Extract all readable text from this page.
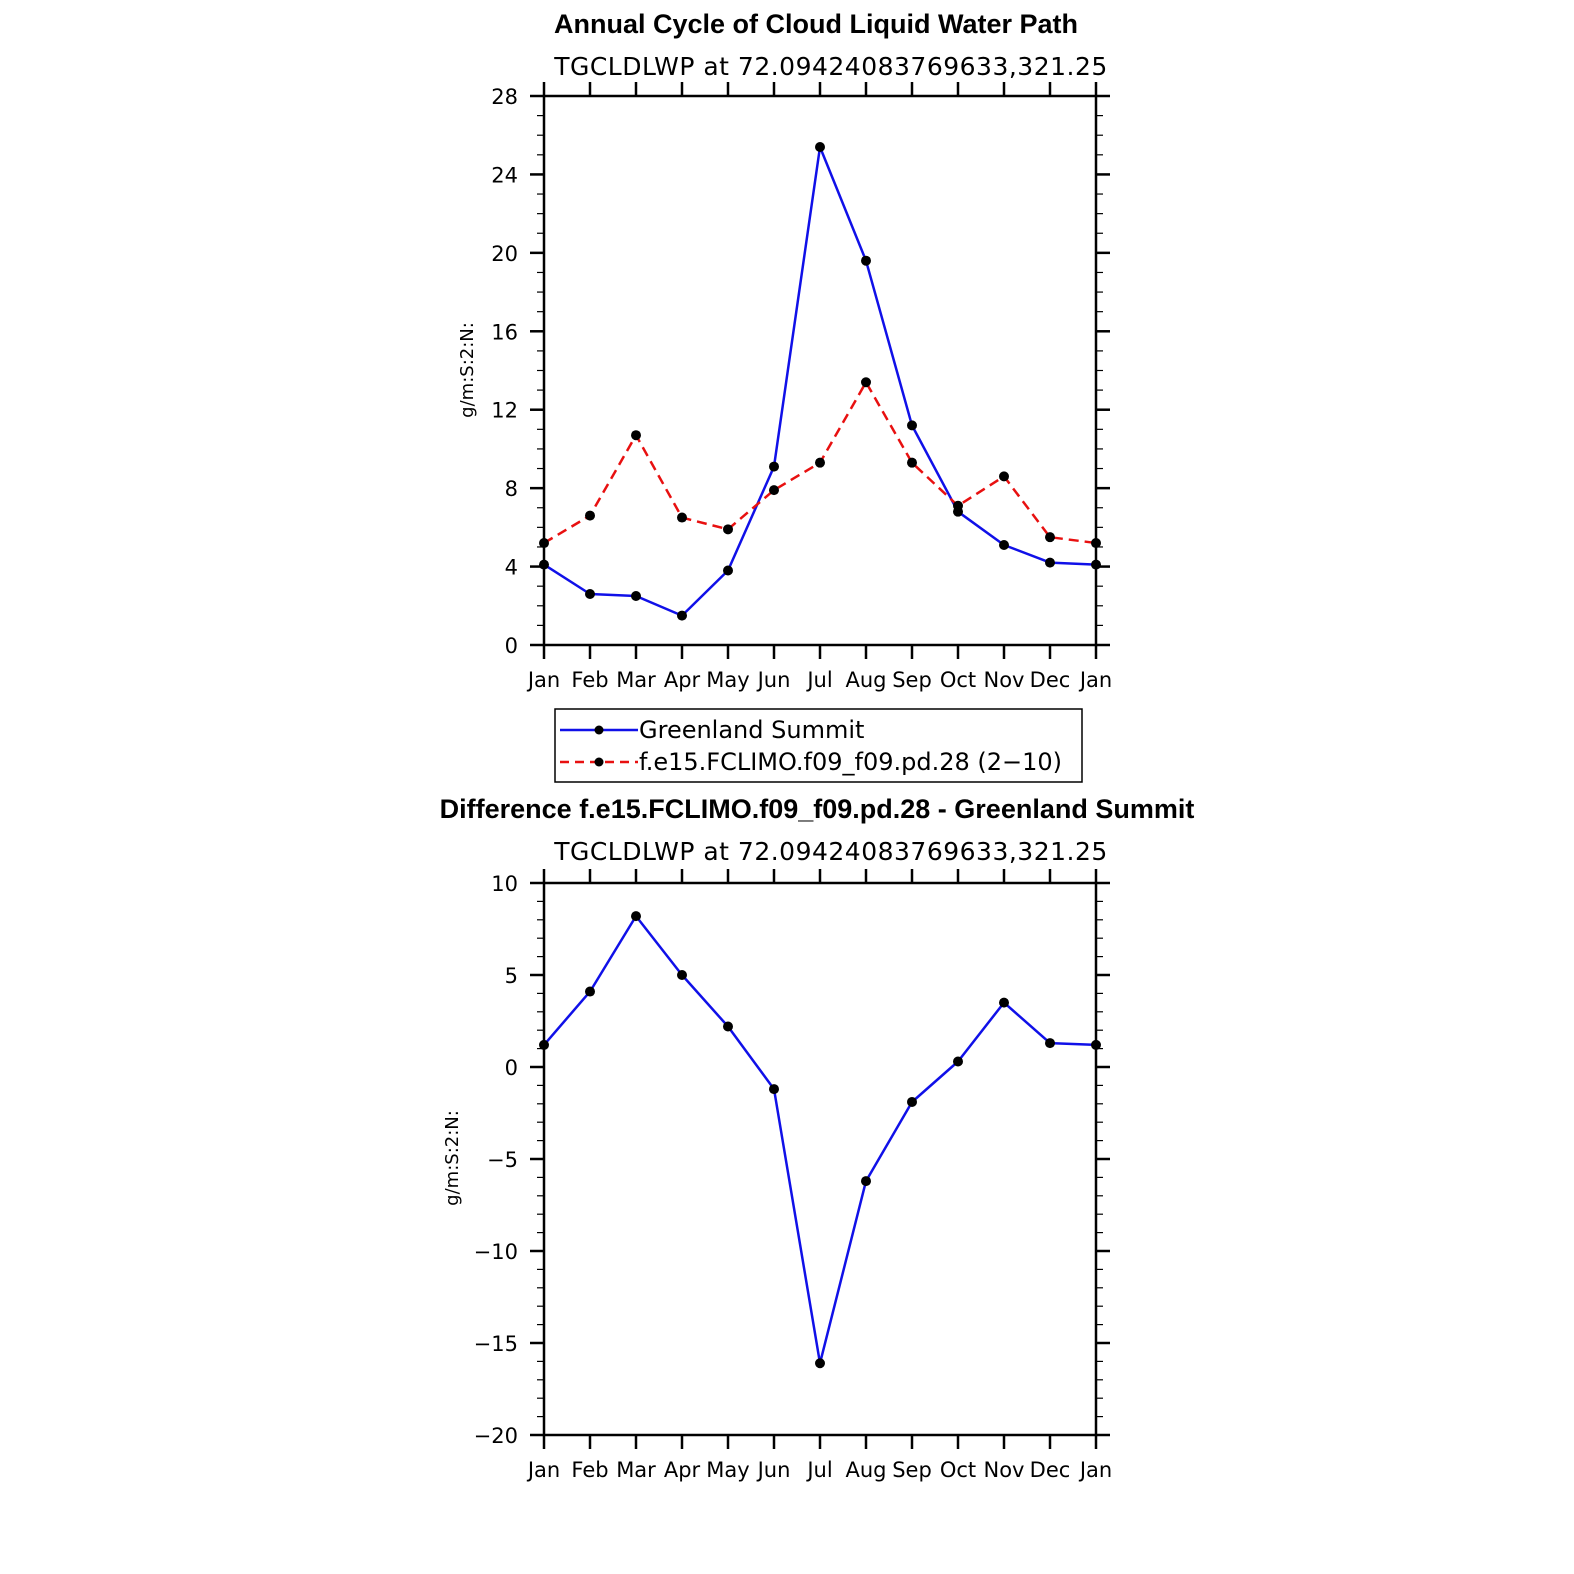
Annual Cycle of Cloud Liquid Water Path
TGCLDLWP at 72.09424083769633,321.25
g/m:S:2:N:
Jan Feb Mar Apr May Jun Jul Aug Sep Oct Nov Dec Jan
0
4
8
12
16
20
24
28
Greenland Summit
f.e15.FCLIMO.f09_f09.pd.28 (2−10)
Difference f.e15.FCLIMO.f09_f09.pd.28 - Greenland Summit
TGCLDLWP at 72.09424083769633,321.25
g/m:S:2:N:
Jan Feb Mar Apr May Jun Jul Aug Sep Oct Nov Dec Jan
−20
−15
−10
−5
0
5
10
